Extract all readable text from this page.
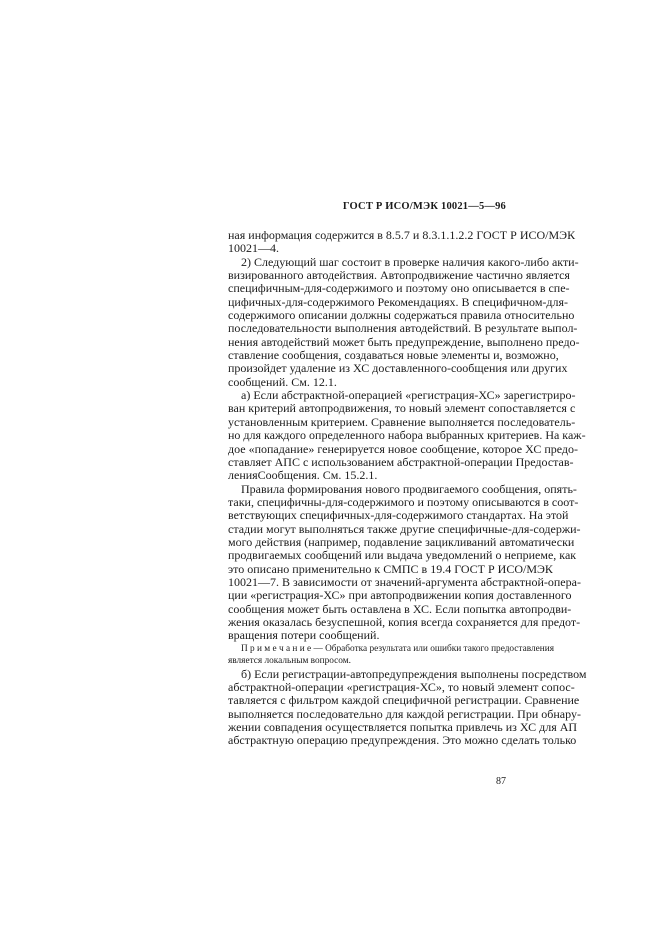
ГОСТ Р ИСО/МЭК 10021—5—96
ная информация содержится в 8.5.7 и 8.3.1.1.2.2 ГОСТ Р ИСО/МЭК
10021—4.
2) Следующий шаг состоит в проверке наличия какого-либо акти-
визированного автодействия. Автопродвижение частично является
специфичным-для-содержимого и поэтому оно описывается в спе-
цифичных-для-содержимого Рекомендациях. В специфичном-для-
содержимого описании должны содержаться правила относительно
последовательности выполнения автодействий. В результате выпол-
нения автодействий может быть предупреждение, выполнено предо-
ставление сообщения, создаваться новые элементы и, возможно,
произойдет удаление из ХС доставленного-сообщения или других
сообщений. См. 12.1.
а) Если абстрактной-операцией «регистрация-ХС» зарегистриро-
ван критерий автопродвижения, то новый элемент сопоставляется с
установленным критерием. Сравнение выполняется последователь-
но для каждого определенного набора выбранных критериев. На каж-
дое «попадание» генерируется новое сообщение, которое ХС предо-
ставляет АПС с использованием абстрактной-операции Предостав-
ленияСообщения. См. 15.2.1.
Правила формирования нового продвигаемого сообщения, опять-
таки, специфичны-для-содержимого и поэтому описываются в соот-
ветствующих специфичных-для-содержимого стандартах. На этой
стадии могут выполняться также другие специфичные-для-содержи-
мого действия (например, подавление зацикливаний автоматически
продвигаемых сообщений или выдача уведомлений о неприеме, как
это описано применительно к СМПС в 19.4 ГОСТ Р ИСО/МЭК
10021—7. В зависимости от значений-аргумента абстрактной-опера-
ции «регистрация-ХС» при автопродвижении копия доставленного
сообщения может быть оставлена в ХС. Если попытка автопродви-
жения оказалась безуспешной, копия всегда сохраняется для предот-
вращения потери сообщений.
П р и м е ч а н и е — Обработка результата или ошибки такого предоставления
является локальным вопросом.
б) Если регистрации-автопредупреждения выполнены посредством
абстрактной-операции «регистрация-ХС», то новый элемент сопос-
тавляется с фильтром каждой специфичной регистрации. Сравнение
выполняется последовательно для каждой регистрации. При обнару-
жении совпадения осуществляется попытка привлечь из ХС для АП
абстрактную операцию предупреждения. Это можно сделать только
87
